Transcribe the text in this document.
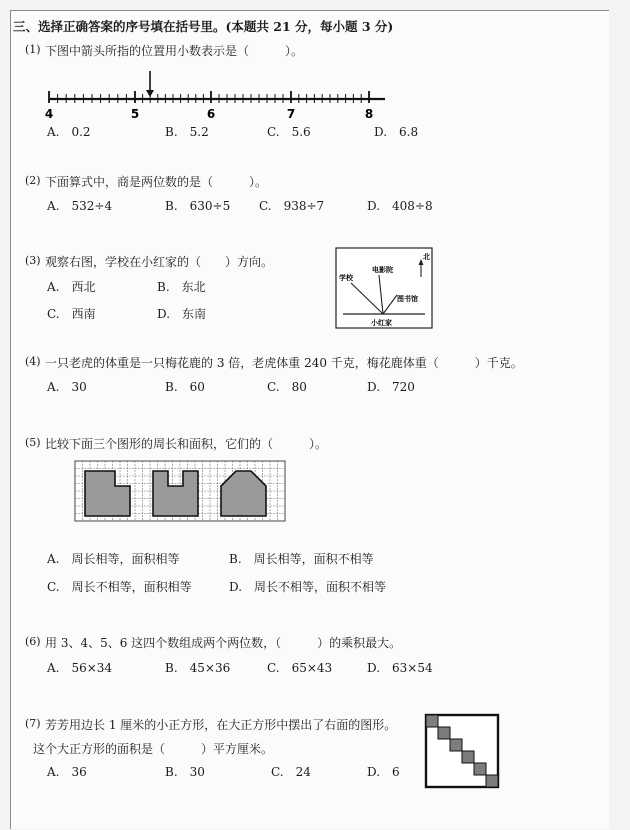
三、选择正确答案的序号填在括号里。(本题共 21 分，每小题 3 分)
(1) 下图中箭头所指的位置用小数表示是（　　　）。
4	5	6	7	8
A.　0.2	B.　5.2	C.　5.6	D.　6.8
(2) 下面算式中，商是两位数的是（　　　）。
A.　532÷4	B.　630÷5 C.　938÷7	D.　408÷8
(3) 观察右图，学校在小红家的（　　）方向。
A.　西北	B.　东北
C.　西南	D.　东南
学校
电影院
图书馆
小红家
北
(4) 一只老虎的体重是一只梅花鹿的 3 倍，老虎体重 240 千克，梅花鹿体重（　　　）千克。
A.　30	B.　60	C.　80	D.　720
(5) 比较下面三个图形的周长和面积，它们的（　　　）。
A.　周长相等，面积相等	B.　周长相等，面积不相等
C.　周长不相等，面积相等	D.　周长不相等，面积不相等
(6) 用 3、4、5、6 这四个数组成两个两位数，（　　　）的乘积最大。
A.　56×34	B.　45×36	C.　65×43	D.　63×54
(7) 芳芳用边长 1 厘米的小正方形，在大正方形中摆出了右面的图形。
这个大正方形的面积是（　　　）平方厘米。
A.　36	B.　30	C.　24	D.　6
